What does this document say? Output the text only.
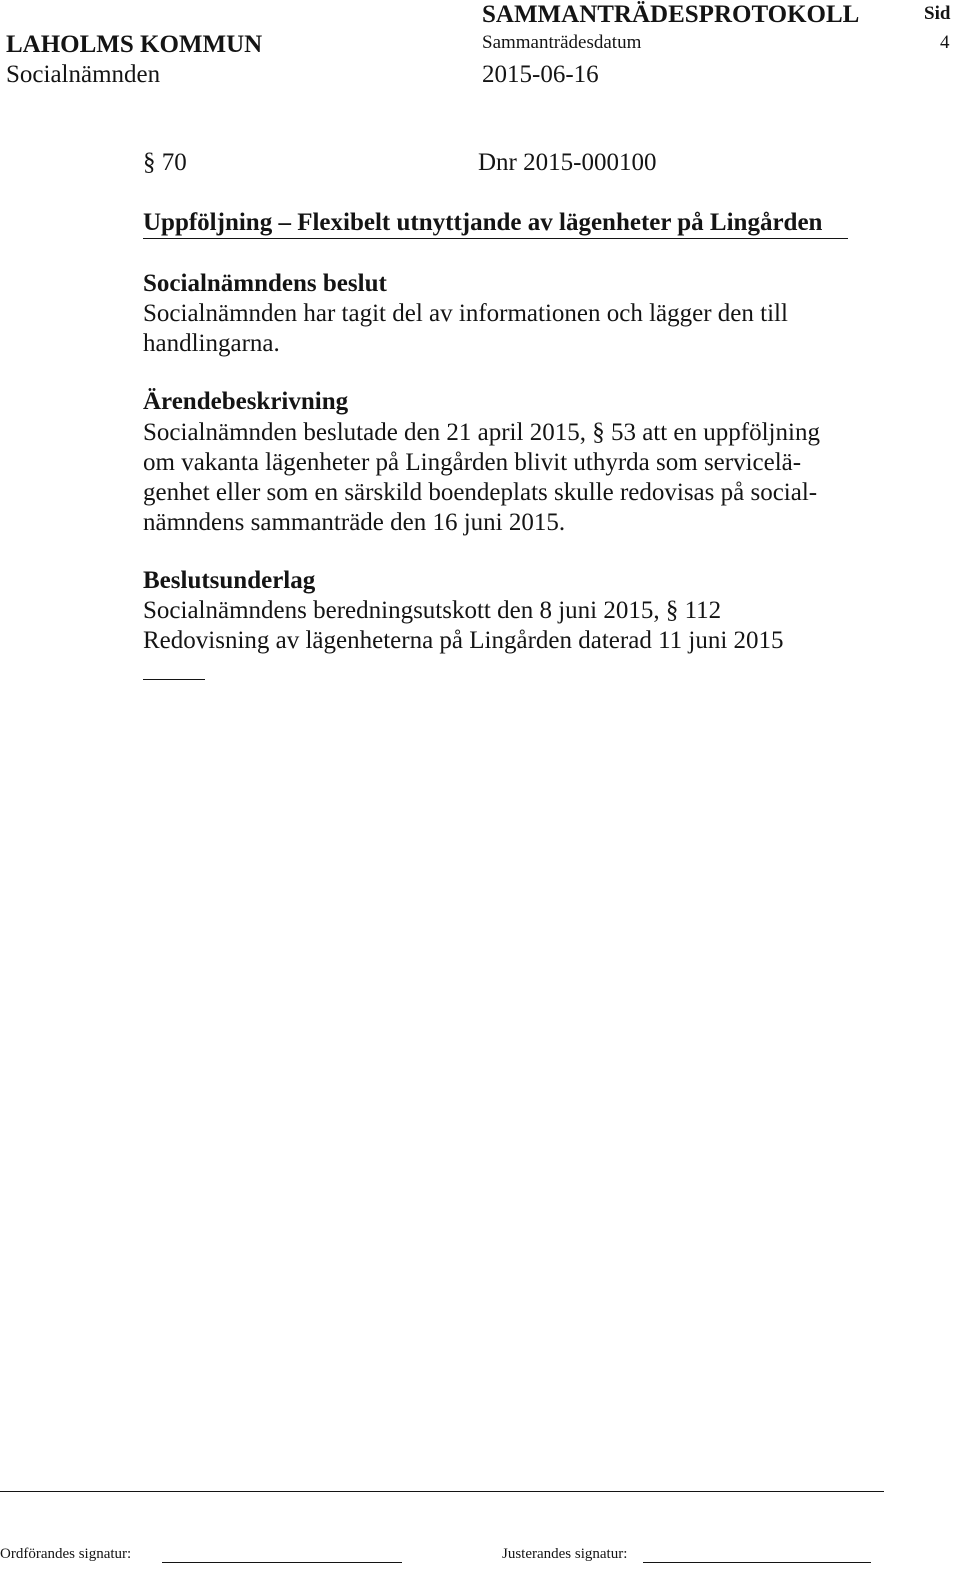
SAMMANTRÄDESPROTOKOLL	Sid
LAHOLMS KOMMUN	Sammanträdesdatum	4
Socialnämnden	2015-06-16
§ 70	Dnr 2015-000100
Uppföljning – Flexibelt utnyttjande av lägenheter på Lingården
Socialnämndens beslut
Socialnämnden har tagit del av informationen och lägger den till
handlingarna.
Ärendebeskrivning
Socialnämnden beslutade den 21 april 2015, § 53 att en uppföljning
om vakanta lägenheter på Lingården blivit uthyrda som servicelä-
genhet eller som en särskild boendeplats skulle redovisas på social-
nämndens sammanträde den 16 juni 2015.
Beslutsunderlag
Socialnämndens beredningsutskott den 8 juni 2015, § 112
Redovisning av lägenheterna på Lingården daterad 11 juni 2015
Ordförandes signatur:	Justerandes signatur:
